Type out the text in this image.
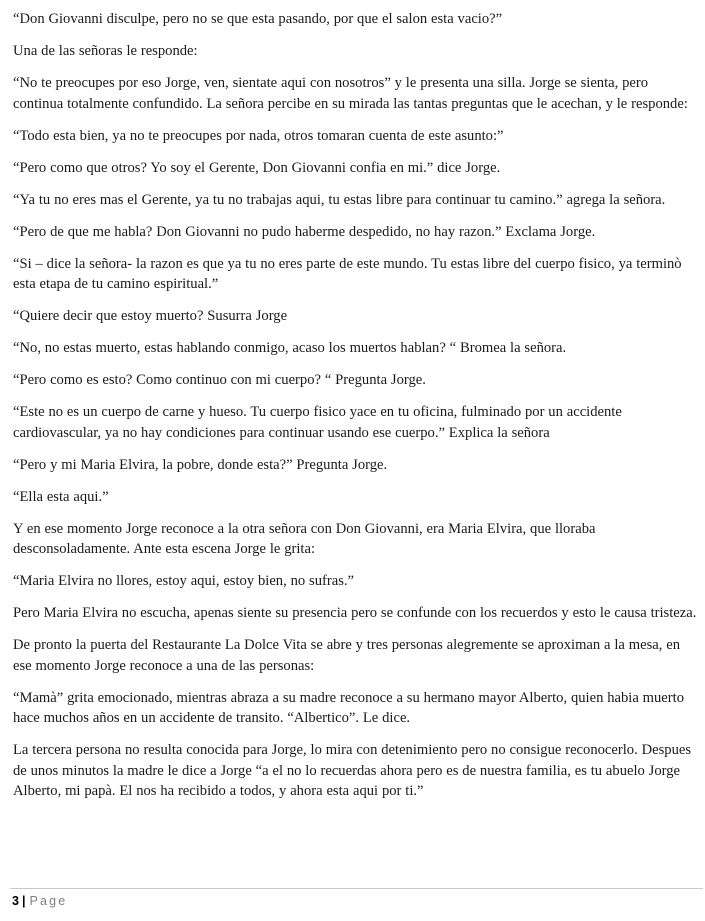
“Don Giovanni disculpe, pero no se que esta pasando, por que el salon esta vacio?”

Una de las señoras le responde:

“No te preocupes por eso Jorge, ven, sientate aqui con nosotros” y le presenta una silla. Jorge se sienta, pero continua totalmente confundido. La señora percibe en su mirada las tantas preguntas que le acechan, y le responde:

“Todo esta bien, ya no te preocupes por nada, otros tomaran cuenta de este asunto:”

“Pero como que otros? Yo soy el Gerente, Don Giovanni confia en mi.” dice Jorge.

“Ya tu no eres mas el Gerente, ya tu no trabajas aqui, tu estas libre para continuar tu camino.” agrega la señora.

“Pero de que me habla? Don Giovanni no pudo haberme despedido, no hay razon.” Exclama Jorge.

“Si – dice la señora- la razon es que ya tu no eres parte de este mundo. Tu estas libre del cuerpo fisico, ya terminò esta etapa de tu camino espiritual.”

“Quiere decir que estoy muerto? Susurra Jorge

“No, no estas muerto, estas hablando conmigo, acaso los muertos hablan? “ Bromea la señora.

“Pero como es esto? Como continuo con mi cuerpo? “ Pregunta Jorge.

“Este no es un cuerpo de carne y hueso. Tu cuerpo fisico yace en tu oficina, fulminado por un accidente cardiovascular, ya no hay condiciones para continuar usando ese cuerpo.” Explica la señora

“Pero y mi Maria Elvira, la pobre, donde esta?” Pregunta Jorge.

“Ella esta aqui.”

Y en ese momento Jorge reconoce a la otra señora con Don Giovanni, era Maria Elvira, que lloraba desconsoladamente. Ante esta escena Jorge le grita:

“Maria Elvira no llores, estoy aqui, estoy bien, no sufras.”

Pero Maria Elvira no escucha, apenas siente su presencia pero se confunde con los recuerdos y esto le causa tristeza.

De pronto la puerta del Restaurante La Dolce Vita se abre y tres personas alegremente se aproximan a la mesa, en ese momento Jorge reconoce a una de las personas:

“Mamà” grita emocionado, mientras abraza a su madre reconoce a su hermano mayor Alberto, quien habia muerto hace muchos años en un accidente de transito. “Albertico”. Le dice.

La tercera persona no resulta conocida para Jorge, lo mira con detenimiento pero no consigue reconocerlo. Despues de unos minutos la madre le dice a Jorge “a el no lo recuerdas ahora pero es de nuestra familia, es tu abuelo Jorge Alberto, mi papà. El nos ha recibido a todos, y ahora esta aqui por ti.”

3 | Page
